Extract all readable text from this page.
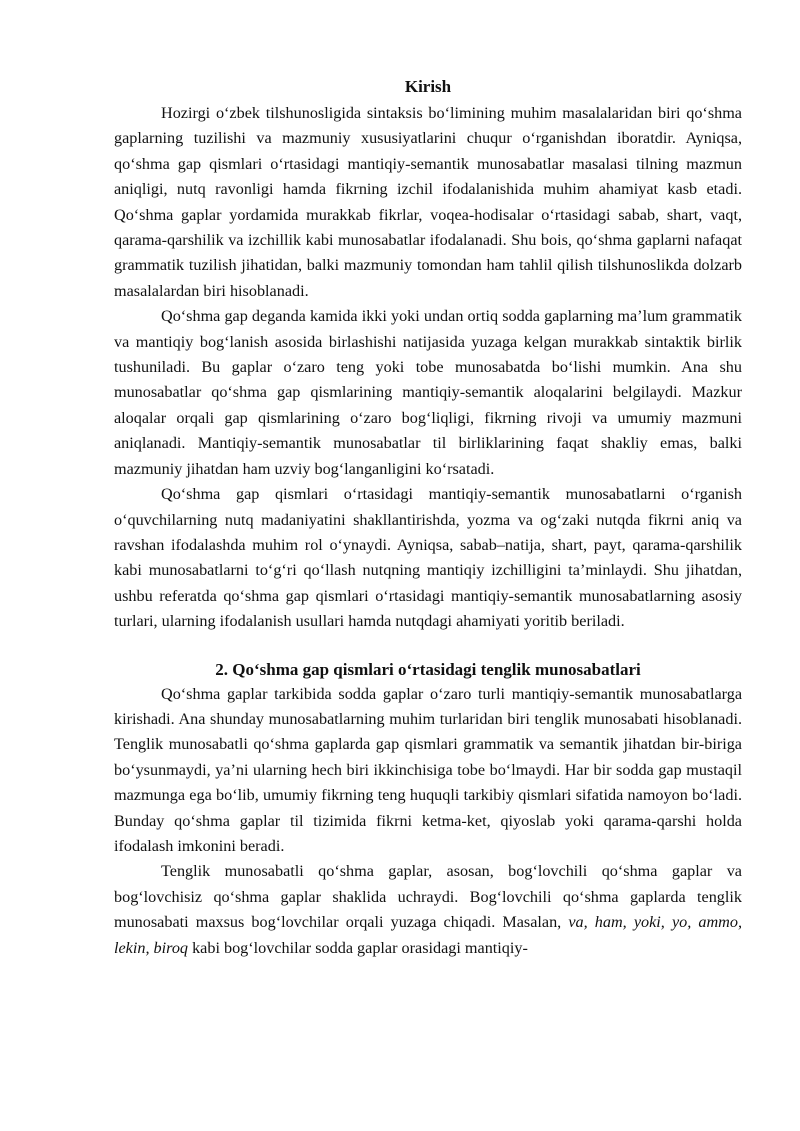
Kirish

Hozirgi o‘zbek tilshunosligida sintaksis bo‘limining muhim masalalaridan biri qo‘shma gaplarning tuzilishi va mazmuniy xususiyatlarini chuqur o‘rganishdan iboratdir. Ayniqsa, qo‘shma gap qismlari o‘rtasidagi mantiqiy-semantik munosabatlar masalasi tilning mazmun aniqligi, nutq ravonligi hamda fikrning izchil ifodalanishida muhim ahamiyat kasb etadi. Qo‘shma gaplar yordamida murakkab fikrlar, voqea-hodisalar o‘rtasidagi sabab, shart, vaqt, qarama-qarshilik va izchillik kabi munosabatlar ifodalanadi. Shu bois, qo‘shma gaplarni nafaqat grammatik tuzilish jihatidan, balki mazmuniy tomondan ham tahlil qilish tilshunoslikda dolzarb masalalardan biri hisoblanadi.

Qo‘shma gap deganda kamida ikki yoki undan ortiq sodda gaplarning ma’lum grammatik va mantiqiy bog‘lanish asosida birlashishi natijasida yuzaga kelgan murakkab sintaktik birlik tushuniladi. Bu gaplar o‘zaro teng yoki tobe munosabatda bo‘lishi mumkin. Ana shu munosabatlar qo‘shma gap qismlarining mantiqiy-semantik aloqalarini belgilaydi. Mazkur aloqalar orqali gap qismlarining o‘zaro bog‘liqligi, fikrning rivoji va umumiy mazmuni aniqlanadi. Mantiqiy-semantik munosabatlar til birliklarining faqat shakliy emas, balki mazmuniy jihatdan ham uzviy bog‘langanligini ko‘rsatadi.

Qo‘shma gap qismlari o‘rtasidagi mantiqiy-semantik munosabatlarni o‘rganish o‘quvchilarning nutq madaniyatini shakllantirishda, yozma va og‘zaki nutqda fikrni aniq va ravshan ifodalashda muhim rol o‘ynaydi. Ayniqsa, sabab–natija, shart, payt, qarama-qarshilik kabi munosabatlarni to‘g‘ri qo‘llash nutqning mantiqiy izchilligini ta’minlaydi. Shu jihatdan, ushbu referatda qo‘shma gap qismlari o‘rtasidagi mantiqiy-semantik munosabatlarning asosiy turlari, ularning ifodalanish usullari hamda nutqdagi ahamiyati yoritib beriladi.

2. Qo‘shma gap qismlari o‘rtasidagi tenglik munosabatlari

Qo‘shma gaplar tarkibida sodda gaplar o‘zaro turli mantiqiy-semantik munosabatlarga kirishadi. Ana shunday munosabatlarning muhim turlaridan biri tenglik munosabati hisoblanadi. Tenglik munosabatli qo‘shma gaplarda gap qismlari grammatik va semantik jihatdan bir-biriga bo‘ysunmaydi, ya’ni ularning hech biri ikkinchisiga tobe bo‘lmaydi. Har bir sodda gap mustaqil mazmunga ega bo‘lib, umumiy fikrning teng huquqli tarkibiy qismlari sifatida namoyon bo‘ladi. Bunday qo‘shma gaplar til tizimida fikrni ketma-ket, qiyoslab yoki qarama-qarshi holda ifodalash imkonini beradi.

Tenglik munosabatli qo‘shma gaplar, asosan, bog‘lovchili qo‘shma gaplar va bog‘lovchisiz qo‘shma gaplar shaklida uchraydi. Bog‘lovchili qo‘shma gaplarda tenglik munosabati maxsus bog‘lovchilar orqali yuzaga chiqadi. Masalan, va, ham, yoki, yo, ammo, lekin, biroq kabi bog‘lovchilar sodda gaplar orasidagi mantiqiy-
